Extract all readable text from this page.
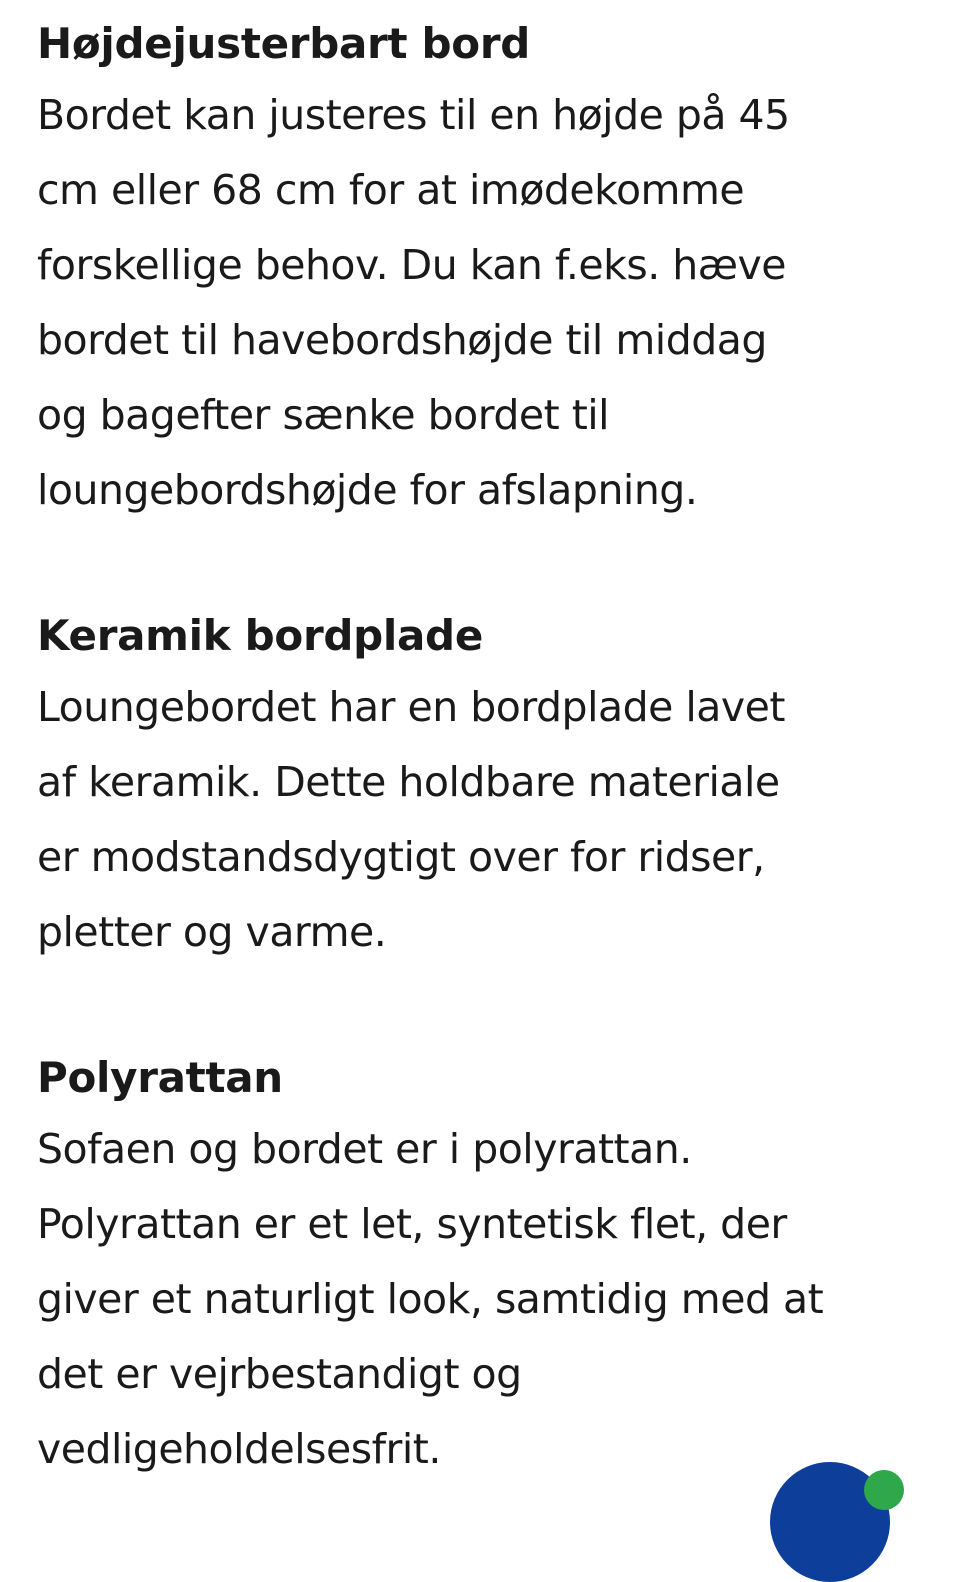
Højdejusterbart bord

Bordet kan justeres til en højde på 45
cm eller 68 cm for at imødekomme
forskellige behov. Du kan f.eks. hæve
bordet til havebordshøjde til middag
og bagefter sænke bordet til
loungebordshøjde for afslapning.

Keramik bordplade

Loungebordet har en bordplade lavet
af keramik. Dette holdbare materiale
er modstandsdygtigt over for ridser,
pletter og varme.

Polyrattan

Sofaen og bordet er i polyrattan.
Polyrattan er et let, syntetisk flet, der
giver et naturligt look, samtidig med at
det er vejrbestandigt og
vedligeholdelsesfrit.
